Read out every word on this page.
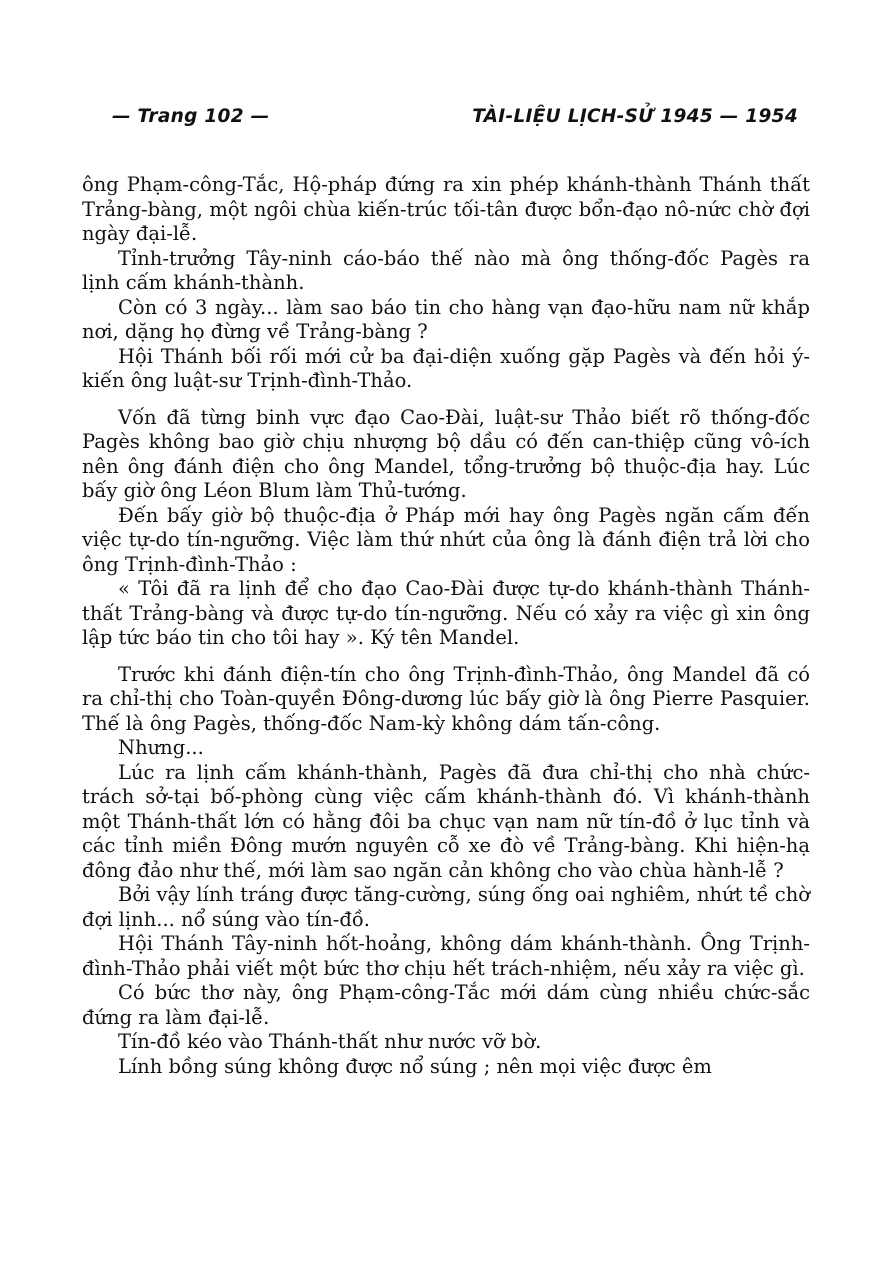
— Trang 102 —	TÀI-LIỆU LỊCH-SỬ 1945 — 1954

ông Phạm-công-Tắc, Hộ-pháp đứng ra xin phép khánh-thành Thánh thất Trảng-bàng, một ngôi chùa kiến-trúc tối-tân được bổn-đạo nô-nức chờ đợi ngày đại-lễ.

Tỉnh-trưởng Tây-ninh cáo-báo thế nào mà ông thống-đốc Pagès ra lịnh cấm khánh-thành.

Còn có 3 ngày... làm sao báo tin cho hàng vạn đạo-hữu nam nữ khắp nơi, dặng họ đừng về Trảng-bàng ?

Hội Thánh bối rối mới cử ba đại-diện xuống gặp Pagès và đến hỏi ý-kiến ông luật-sư Trịnh-đình-Thảo.

Vốn đã từng binh vực đạo Cao-Đài, luật-sư Thảo biết rõ thống-đốc Pagès không bao giờ chịu nhượng bộ dầu có đến can-thiệp cũng vô-ích nên ông đánh điện cho ông Mandel, tổng-trưởng bộ thuộc-địa hay. Lúc bấy giờ ông Léon Blum làm Thủ-tướng.

Đến bấy giờ bộ thuộc-địa ở Pháp mới hay ông Pagès ngăn cấm đến việc tự-do tín-ngưỡng. Việc làm thứ nhứt của ông là đánh điện trả lời cho ông Trịnh-đình-Thảo :

« Tôi đã ra lịnh để cho đạo Cao-Đài được tự-do khánh-thành Thánh-thất Trảng-bàng và được tự-do tín-ngưỡng. Nếu có xảy ra việc gì xin ông lập tức báo tin cho tôi hay ». Ký tên Mandel.

Trước khi đánh điện-tín cho ông Trịnh-đình-Thảo, ông Mandel đã có ra chỉ-thị cho Toàn-quyền Đông-dương lúc bấy giờ là ông Pierre Pasquier. Thế là ông Pagès, thống-đốc Nam-kỳ không dám tấn-công.

Nhưng...

Lúc ra lịnh cấm khánh-thành, Pagès đã đưa chỉ-thị cho nhà chức-trách sở-tại bố-phòng cùng việc cấm khánh-thành đó. Vì khánh-thành một Thánh-thất lớn có hằng đôi ba chục vạn nam nữ tín-đồ ở lục tỉnh và các tỉnh miền Đông mướn nguyên cỗ xe đò về Trảng-bàng. Khi hiện-hạ đông đảo như thế, mới làm sao ngăn cản không cho vào chùa hành-lễ ?

Bởi vậy lính tráng được tăng-cường, súng ống oai nghiêm, nhứt tề chờ đợi lịnh... nổ súng vào tín-đồ.

Hội Thánh Tây-ninh hốt-hoảng, không dám khánh-thành. Ông Trịnh-đình-Thảo phải viết một bức thơ chịu hết trách-nhiệm, nếu xảy ra việc gì.

Có bức thơ này, ông Phạm-công-Tắc mới dám cùng nhiều chức-sắc đứng ra làm đại-lễ.

Tín-đồ kéo vào Thánh-thất như nước vỡ bờ.

Lính bồng súng không được nổ súng ; nên mọi việc được êm
